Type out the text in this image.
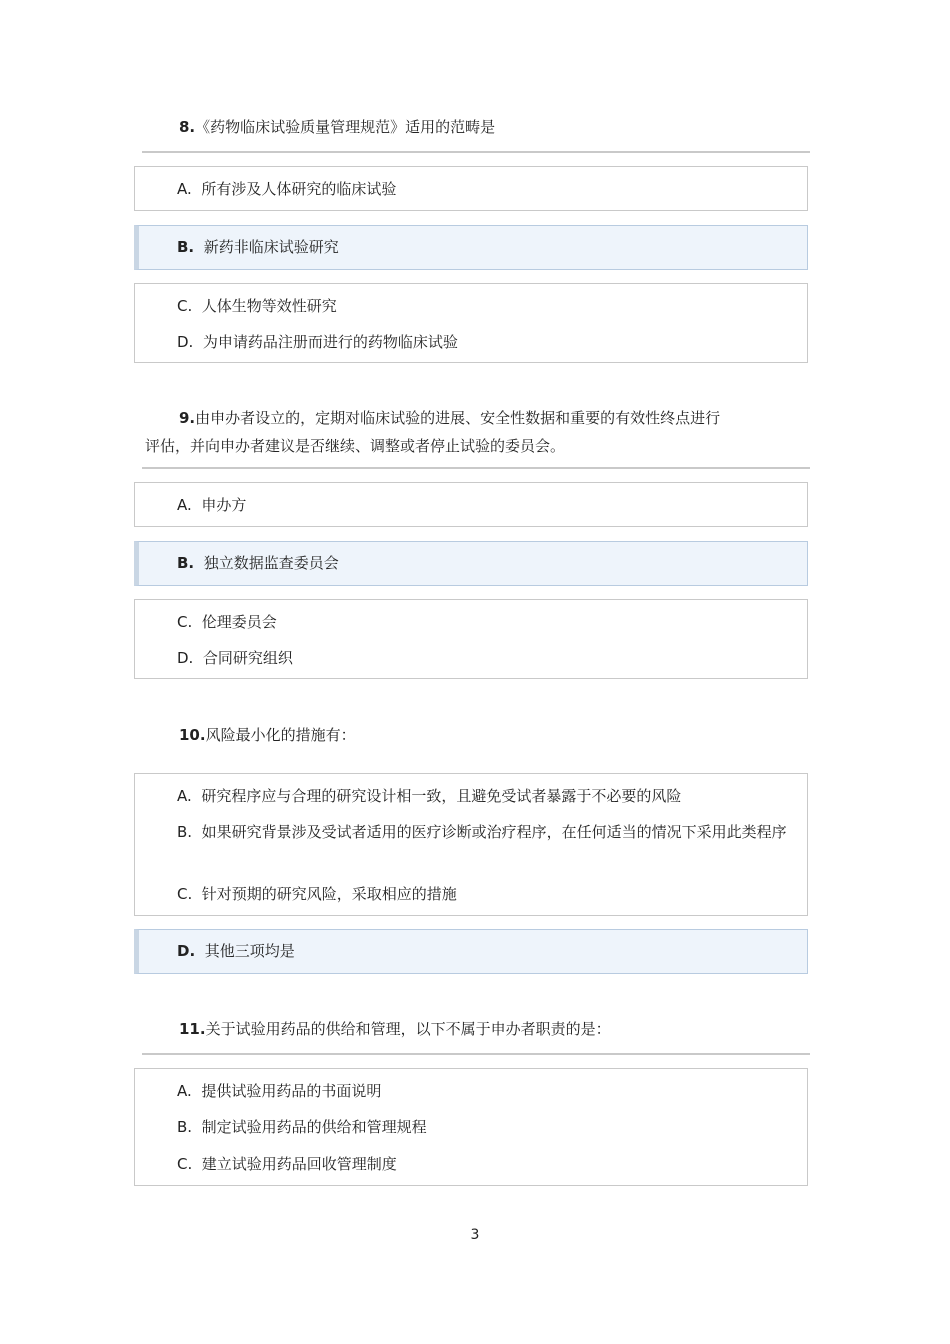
8.《药物临床试验质量管理规范》适用的范畴是
A. 所有涉及人体研究的临床试验
B. 新药非临床试验研究
C. 人体生物等效性研究
D. 为申请药品注册而进行的药物临床试验
9.由申办者设立的，定期对临床试验的进展、安全性数据和重要的有效性终点进行
评估，并向申办者建议是否继续、调整或者停止试验的委员会。
A. 申办方
B. 独立数据监查委员会
C. 伦理委员会
D. 合同研究组织
10.风险最小化的措施有：
A. 研究程序应与合理的研究设计相一致，且避免受试者暴露于不必要的风险
B. 如果研究背景涉及受试者适用的医疗诊断或治疗程序，在任何适当的情况下采用此类程序
C. 针对预期的研究风险，采取相应的措施
D. 其他三项均是
11.关于试验用药品的供给和管理，以下不属于申办者职责的是：
A. 提供试验用药品的书面说明
B. 制定试验用药品的供给和管理规程
C. 建立试验用药品回收管理制度
3
